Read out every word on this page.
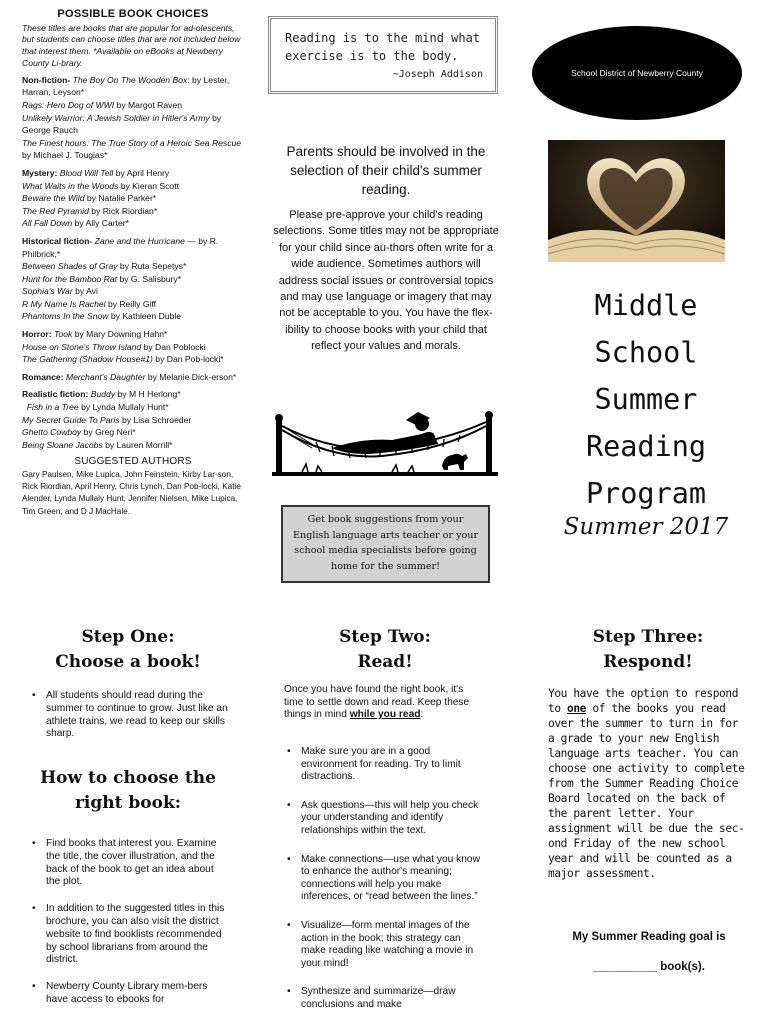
POSSIBLE BOOK CHOICES
These titles are books that are popular for ad-olescents, but students can choose titles that are not included below that interest them. *Available on eBooks at Newberry County Li-brary.
Non-fiction- The Boy On The Wooden Box: by Lester, Harran, Leyson*
Rags: Hero Dog of WWI by Margot Raven
Unlikely Warrior: A Jewish Soldier in Hitler's Army by George Rauch
The Finest hours: The True Story of a Heroic Sea Rescue by Michael J. Tougias*
Mystery: Blood Will Tell by April Henry
What Waits in the Woods by Kieran Scott
Beware the Wild by Natalie Parker*
The Red Pyramid by Rick Riordian*
All Fall Down by Ally Carter*
Historical fiction- Zane and the Hurricane — by R. Philbrick,*
Between Shades of Gray by Ruta Sepetys*
Hunt for the Bamboo Rat by G. Salisbury*
Sophia's War by Avi
R My Name Is Rachel by Reilly Giff
Phantoms In the Snow by Kathleen Duble
Horror: Took by Mary Downing Hahn*
House on Stone's Throw Island by Dan Poblocki
The Gathering (Shadow House#1) by Dan Pob-locki*
Romance: Merchant's Daughter by Melanie Dick-erson*
Realistic fiction: Buddy by M H Herlong*
Fish in a Tree by Lynda Mullaly Hunt*
My Secret Guide To Paris by Lisa Schroeder
Ghetto Cowboy by Greg Neri*
Being Sloane Jacobs by Lauren Morrill*
SUGGESTED AUTHORS
Gary Paulsen, Mike Lupica, John Feinstein, Kirby Lar-son, Rick Riordian, April Henry, Chris Lynch, Dan Pob-locki, Katie Alender, Lynda Mullaly Hunt, Jennifer Nielsen, Mike Lupica, Tim Green, and D J MacHale.
Reading is to the mind what exercise is to the body.
~Joseph Addison
Parents should be involved in the selection of their child's summer reading.
Please pre-approve your child's reading selections. Some titles may not be appropriate for your child since au-thors often write for a wide audience. Sometimes authors will address social issues or controversial topics and may use language or imagery that may not be acceptable to you. You have the flex-ibility to choose books with your child that reflect your values and morals.
Get book suggestions from your English language arts teacher or your school media specialists before going home for the summer!
School District of Newberry County
Middle
School
Summer
Reading
Program
Summer 2017
Step One:
Choose a book!
• All students should read during the summer to continue to grow. Just like an athlete trains, we read to keep our skills sharp.
How to choose the
right book:
• Find books that interest you. Examine the title, the cover illustration, and the back of the book to get an idea about the plot.
• In addition to the suggested titles in this brochure, you can also visit the district website to find booklists recommended by school librarians from around the district.
• Newberry County Library mem-bers have access to ebooks for
Step Two:
Read!
Once you have found the right book, it's time to settle down and read. Keep these things in mind while you read:
• Make sure you are in a good environment for reading. Try to limit distractions.
• Ask questions—this will help you check your understanding and identify relationships within the text.
• Make connections—use what you know to enhance the author's meaning; connections will help you make inferences, or “read between the lines.”
• Visualize—form mental images of the action in the book; this strategy can make reading like watching a movie in your mind!
• Synthesize and summarize—draw conclusions and make
Step Three:
Respond!
You have the option to respond to one of the books you read over the summer to turn in for a grade to your new English language arts teacher. You can choose one activity to complete from the Summer Reading Choice Board located on the back of the parent letter. Your assignment will be due the sec-ond Friday of the new school year and will be counted as a major assessment.
My Summer Reading goal is
__________ book(s).
